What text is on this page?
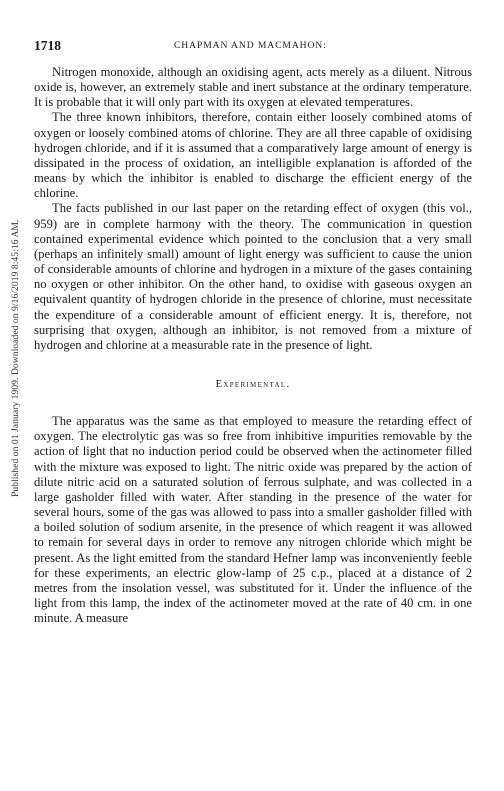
Published on 01 January 1909. Downloaded on 9/16/2019 8:45:16 AM.
1718	CHAPMAN AND MACMAHON:

Nitrogen monoxide, although an oxidising agent, acts merely as a diluent. Nitrous oxide is, however, an extremely stable and inert substance at the ordinary temperature. It is probable that it will only part with its oxygen at elevated temperatures.

The three known inhibitors, therefore, contain either loosely combined atoms of oxygen or loosely combined atoms of chlorine. They are all three capable of oxidising hydrogen chloride, and if it is assumed that a comparatively large amount of energy is dissipated in the process of oxidation, an intelligible explanation is afforded of the means by which the inhibitor is enabled to discharge the efficient energy of the chlorine.

The facts published in our last paper on the retarding effect of oxygen (this vol., 959) are in complete harmony with the theory. The communication in question contained experimental evidence which pointed to the conclusion that a very small (perhaps an infinitely small) amount of light energy was sufficient to cause the union of considerable amounts of chlorine and hydrogen in a mixture of the gases containing no oxygen or other inhibitor. On the other hand, to oxidise with gaseous oxygen an equivalent quantity of hydrogen chloride in the presence of chlorine, must necessitate the expenditure of a considerable amount of efficient energy. It is, therefore, not surprising that oxygen, although an inhibitor, is not removed from a mixture of hydrogen and chlorine at a measurable rate in the presence of light.

Experimental.

The apparatus was the same as that employed to measure the retarding effect of oxygen. The electrolytic gas was so free from inhibitive impurities removable by the action of light that no induction period could be observed when the actinometer filled with the mixture was exposed to light. The nitric oxide was prepared by the action of dilute nitric acid on a saturated solution of ferrous sulphate, and was collected in a large gasholder filled with water. After standing in the presence of the water for several hours, some of the gas was allowed to pass into a smaller gasholder filled with a boiled solution of sodium arsenite, in the presence of which reagent it was allowed to remain for several days in order to remove any nitrogen chloride which might be present. As the light emitted from the standard Hefner lamp was inconveniently feeble for these experiments, an electric glow-lamp of 25 c.p., placed at a distance of 2 metres from the insolation vessel, was substituted for it. Under the influence of the light from this lamp, the index of the actinometer moved at the rate of 40 cm. in one minute. A measure
